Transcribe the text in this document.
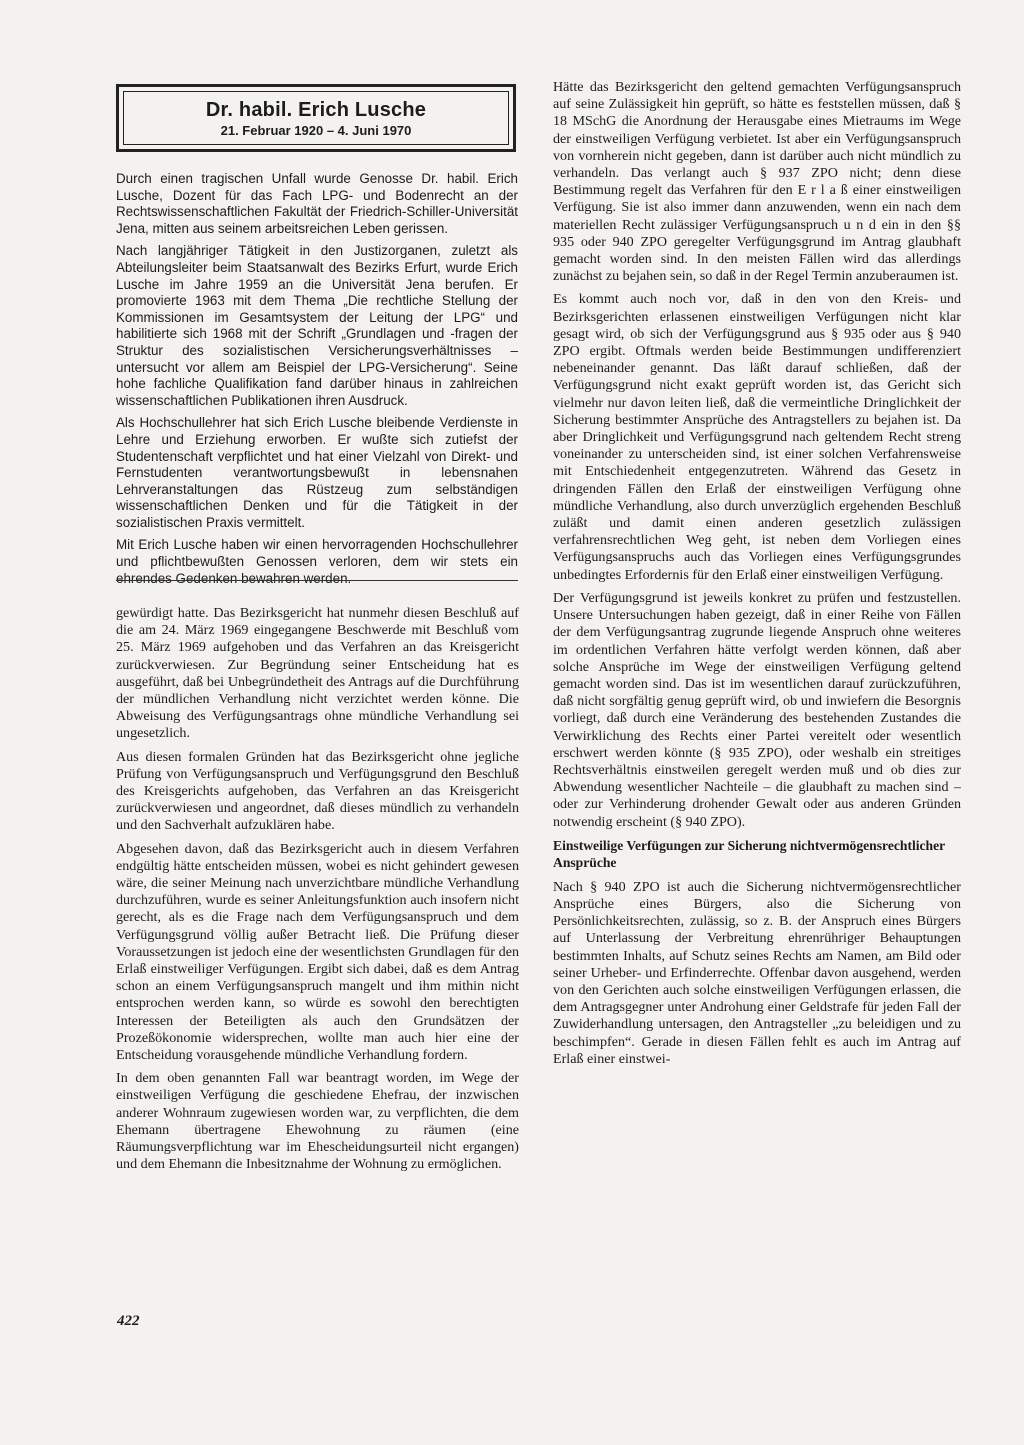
Dr. habil. Erich Lusche
21. Februar 1920 – 4. Juni 1970

Durch einen tragischen Unfall wurde Genosse Dr. habil. Erich Lusche, Dozent für das Fach LPG- und Bodenrecht an der Rechtswissenschaftlichen Fakultät der Friedrich-Schiller-Universität Jena, mitten aus seinem arbeitsreichen Leben gerissen.

Nach langjähriger Tätigkeit in den Justizorganen, zuletzt als Abteilungsleiter beim Staatsanwalt des Bezirks Erfurt, wurde Erich Lusche im Jahre 1959 an die Universität Jena berufen. Er promovierte 1963 mit dem Thema „Die rechtliche Stellung der Kommissionen im Gesamtsystem der Leitung der LPG“ und habilitierte sich 1968 mit der Schrift „Grundlagen und -fragen der Struktur des sozialistischen Versicherungsverhältnisses – untersucht vor allem am Beispiel der LPG-Versicherung“. Seine hohe fachliche Qualifikation fand darüber hinaus in zahlreichen wissenschaftlichen Publikationen ihren Ausdruck.

Als Hochschullehrer hat sich Erich Lusche bleibende Verdienste in Lehre und Erziehung erworben. Er wußte sich zutiefst der Studentenschaft verpflichtet und hat einer Vielzahl von Direkt- und Fernstudenten verantwortungsbewußt in lebensnahen Lehrveranstaltungen das Rüstzeug zum selbständigen wissenschaftlichen Denken und für die Tätigkeit in der sozialistischen Praxis vermittelt.

Mit Erich Lusche haben wir einen hervorragenden Hochschullehrer und pflichtbewußten Genossen verloren, dem wir stets ein ehrendes Gedenken bewahren werden.

gewürdigt hatte. Das Bezirksgericht hat nunmehr diesen Beschluß auf die am 24. März 1969 eingegangene Beschwerde mit Beschluß vom 25. März 1969 aufgehoben und das Verfahren an das Kreisgericht zurückverwiesen. Zur Begründung seiner Entscheidung hat es ausgeführt, daß bei Unbegründetheit des Antrags auf die Durchführung der mündlichen Verhandlung nicht verzichtet werden könne. Die Abweisung des Verfügungsantrags ohne mündliche Verhandlung sei ungesetzlich.

Aus diesen formalen Gründen hat das Bezirksgericht ohne jegliche Prüfung von Verfügungsanspruch und Verfügungsgrund den Beschluß des Kreisgerichts aufgehoben, das Verfahren an das Kreisgericht zurückverwiesen und angeordnet, daß dieses mündlich zu verhandeln und den Sachverhalt aufzuklären habe.

Abgesehen davon, daß das Bezirksgericht auch in diesem Verfahren endgültig hätte entscheiden müssen, wobei es nicht gehindert gewesen wäre, die seiner Meinung nach unverzichtbare mündliche Verhandlung durchzuführen, wurde es seiner Anleitungsfunktion auch insofern nicht gerecht, als es die Frage nach dem Verfügungsanspruch und dem Verfügungsgrund völlig außer Betracht ließ. Die Prüfung dieser Voraussetzungen ist jedoch eine der wesentlichsten Grundlagen für den Erlaß einstweiliger Verfügungen. Ergibt sich dabei, daß es dem Antrag schon an einem Verfügungsanspruch mangelt und ihm mithin nicht entsprochen werden kann, so würde es sowohl den berechtigten Interessen der Beteiligten als auch den Grundsätzen der Prozeßökonomie widersprechen, wollte man auch hier eine der Entscheidung vorausgehende mündliche Verhandlung fordern.

In dem oben genannten Fall war beantragt worden, im Wege der einstweiligen Verfügung die geschiedene Ehefrau, der inzwischen anderer Wohnraum zugewiesen worden war, zu verpflichten, die dem Ehemann übertragene Ehewohnung zu räumen (eine Räumungsverpflichtung war im Ehescheidungsurteil nicht ergangen) und dem Ehemann die Inbesitznahme der Wohnung zu ermöglichen.

Hätte das Bezirksgericht den geltend gemachten Verfügungsanspruch auf seine Zulässigkeit hin geprüft, so hätte es feststellen müssen, daß § 18 MSchG die Anordnung der Herausgabe eines Mietraums im Wege der einstweiligen Verfügung verbietet. Ist aber ein Verfügungsanspruch von vornherein nicht gegeben, dann ist darüber auch nicht mündlich zu verhandeln. Das verlangt auch § 937 ZPO nicht; denn diese Bestimmung regelt das Verfahren für den E r l a ß einer einstweiligen Verfügung. Sie ist also immer dann anzuwenden, wenn ein nach dem materiellen Recht zulässiger Verfügungsanspruch u n d ein in den §§ 935 oder 940 ZPO geregelter Verfügungsgrund im Antrag glaubhaft gemacht worden sind. In den meisten Fällen wird das allerdings zunächst zu bejahen sein, so daß in der Regel Termin anzuberaumen ist.

Es kommt auch noch vor, daß in den von den Kreis- und Bezirksgerichten erlassenen einstweiligen Verfügungen nicht klar gesagt wird, ob sich der Verfügungsgrund aus § 935 oder aus § 940 ZPO ergibt. Oftmals werden beide Bestimmungen undifferenziert nebeneinander genannt. Das läßt darauf schließen, daß der Verfügungsgrund nicht exakt geprüft worden ist, das Gericht sich vielmehr nur davon leiten ließ, daß die vermeintliche Dringlichkeit der Sicherung bestimmter Ansprüche des Antragstellers zu bejahen ist. Da aber Dringlichkeit und Verfügungsgrund nach geltendem Recht streng voneinander zu unterscheiden sind, ist einer solchen Verfahrensweise mit Entschiedenheit entgegenzutreten. Während das Gesetz in dringenden Fällen den Erlaß der einstweiligen Verfügung ohne mündliche Verhandlung, also durch unverzüglich ergehenden Beschluß zuläßt und damit einen anderen gesetzlich zulässigen verfahrensrechtlichen Weg geht, ist neben dem Vorliegen eines Verfügungsanspruchs auch das Vorliegen eines Verfügungsgrundes unbedingtes Erfordernis für den Erlaß einer einstweiligen Verfügung.

Der Verfügungsgrund ist jeweils konkret zu prüfen und festzustellen. Unsere Untersuchungen haben gezeigt, daß in einer Reihe von Fällen der dem Verfügungsantrag zugrunde liegende Anspruch ohne weiteres im ordentlichen Verfahren hätte verfolgt werden können, daß aber solche Ansprüche im Wege der einstweiligen Verfügung geltend gemacht worden sind. Das ist im wesentlichen darauf zurückzuführen, daß nicht sorgfältig genug geprüft wird, ob und inwiefern die Besorgnis vorliegt, daß durch eine Veränderung des bestehenden Zustandes die Verwirklichung des Rechts einer Partei vereitelt oder wesentlich erschwert werden könnte (§ 935 ZPO), oder weshalb ein streitiges Rechtsverhältnis einstweilen geregelt werden muß und ob dies zur Abwendung wesentlicher Nachteile – die glaubhaft zu machen sind – oder zur Verhinderung drohender Gewalt oder aus anderen Gründen notwendig erscheint (§ 940 ZPO).

Einstweilige Verfügungen zur Sicherung nichtvermögensrechtlicher Ansprüche

Nach § 940 ZPO ist auch die Sicherung nichtvermögensrechtlicher Ansprüche eines Bürgers, also die Sicherung von Persönlichkeitsrechten, zulässig, so z. B. der Anspruch eines Bürgers auf Unterlassung der Verbreitung ehrenrühriger Behauptungen bestimmten Inhalts, auf Schutz seines Rechts am Namen, am Bild oder seiner Urheber- und Erfinderrechte. Offenbar davon ausgehend, werden von den Gerichten auch solche einstweiligen Verfügungen erlassen, die dem Antragsgegner unter Androhung einer Geldstrafe für jeden Fall der Zuwiderhandlung untersagen, den Antragsteller „zu beleidigen und zu beschimpfen“. Gerade in diesen Fällen fehlt es auch im Antrag auf Erlaß einer einstwei-

422
